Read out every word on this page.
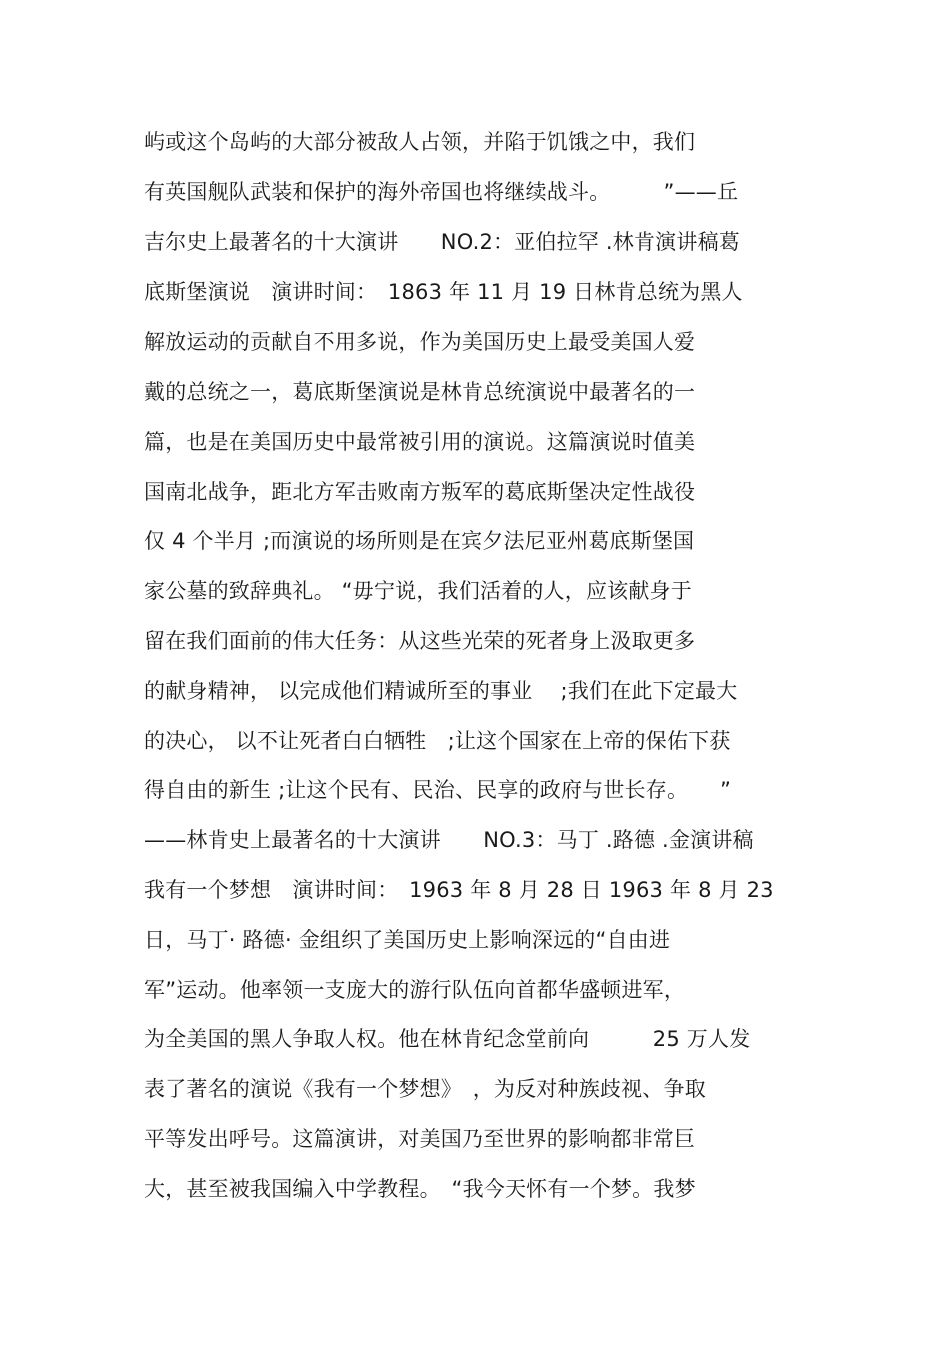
屿或这个岛屿的大部分被敌人占领，并陷于饥饿之中，我们
有英国舰队武装和保护的海外帝国也将继续战斗。　　　”——丘
吉尔史上最著名的十大演讲　　NO.2：亚伯拉罕 .林肯演讲稿葛
底斯堡演说　演讲时间：　1863 年 11 月 19 日林肯总统为黑人
解放运动的贡献自不用多说，作为美国历史上最受美国人爱
戴的总统之一，葛底斯堡演说是林肯总统演说中最著名的一
篇，也是在美国历史中最常被引用的演说。这篇演说时值美
国南北战争，距北方军击败南方叛军的葛底斯堡决定性战役
仅 4 个半月 ;而演说的场所则是在宾夕法尼亚州葛底斯堡国
家公墓的致辞典礼。 “毋宁说，我们活着的人，应该献身于
留在我们面前的伟大任务：从这些光荣的死者身上汲取更多
的献身精神， 以完成他们精诚所至的事业　 ;我们在此下定最大
的决心， 以不让死者白白牺牲　;让这个国家在上帝的保佑下获
得自由的新生 ;让这个民有、民治、民享的政府与世长存。　　”
——林肯史上最著名的十大演讲　　NO.3：马丁 .路德 .金演讲稿
我有一个梦想　演讲时间：　1963 年 8 月 28 日 1963 年 8 月 23
日，马丁· 路德· 金组织了美国历史上影响深远的“自由进
军”运动。他率领一支庞大的游行队伍向首都华盛顿进军，
为全美国的黑人争取人权。他在林肯纪念堂前向　　　25 万人发
表了著名的演说《我有一个梦想》　，为反对种族歧视、争取
平等发出呼号。这篇演讲，对美国乃至世界的影响都非常巨
大，甚至被我国编入中学教程。　“我今天怀有一个梦。我梦
